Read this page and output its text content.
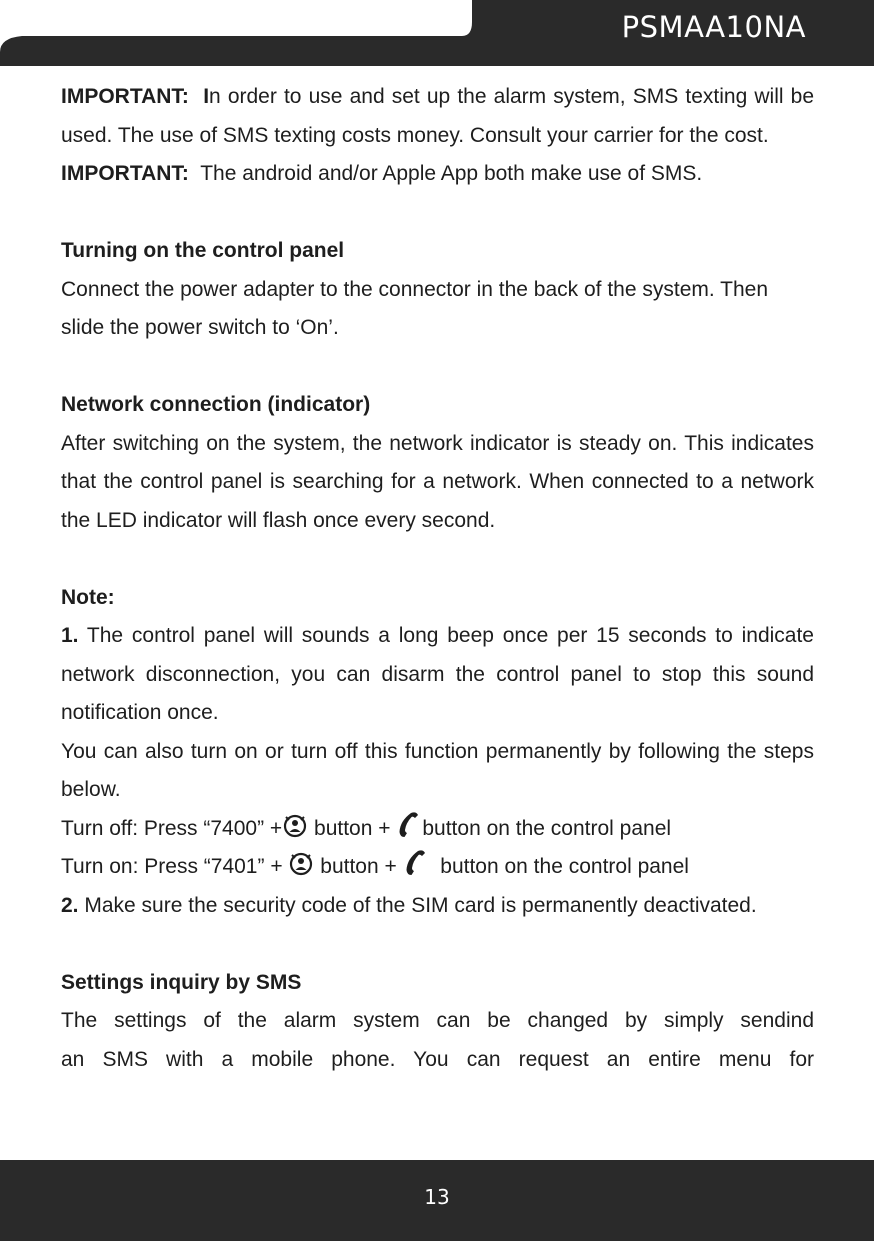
PSMAA10NA

IMPORTANT: In order to use and set up the alarm system, SMS texting will be used. The use of SMS texting costs money. Consult your carrier for the cost.

IMPORTANT: The android and/or Apple App both make use of SMS.

Turning on the control panel

Connect the power adapter to the connector in the back of the system. Then slide the power switch to ‘On’.

Network connection (indicator)

After switching on the system, the network indicator is steady on. This indicates that the control panel is searching for a network. When connected to a network the LED indicator will flash once every second.

Note:

1. The control panel will sounds a long beep once per 15 seconds to indicate network disconnection, you can disarm the control panel to stop this sound notification once.

You can also turn on or turn off this function permanently by following the steps below.

Turn off: Press “7400” + button + button on the control panel

Turn on: Press “7401” + button + button on the control panel

2. Make sure the security code of the SIM card is permanently deactivated.

Settings inquiry by SMS

The settings of the alarm system can be changed by simply sendind

an SMS with a mobile phone. You can request an entire menu for

13
